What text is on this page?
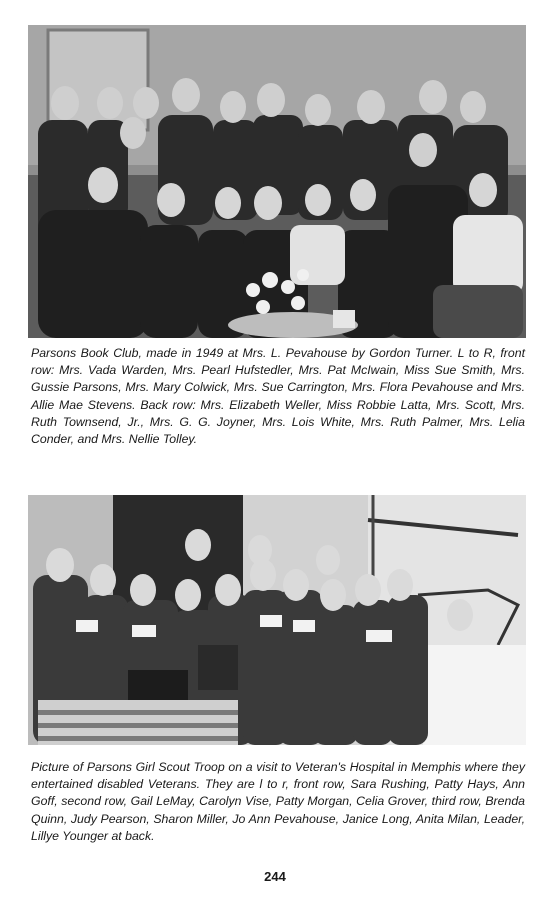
Parsons Book Club, made in 1949 at Mrs. L. Pevahouse by Gordon Turner. L to R, front row: Mrs. Vada Warden, Mrs. Pearl Hufstedler, Mrs. Pat McIwain, Miss Sue Smith, Mrs. Gussie Parsons, Mrs. Mary Colwick, Mrs. Sue Carrington, Mrs. Flora Pevahouse and Mrs. Allie Mae Stevens. Back row: Mrs. Elizabeth Weller, Miss Robbie Latta, Mrs. Scott, Mrs. Ruth Townsend, Jr., Mrs. G. G. Joyner, Mrs. Lois White, Mrs. Ruth Palmer, Mrs. Lelia Conder, and Mrs. Nellie Tolley.

Picture of Parsons Girl Scout Troop on a visit to Veteran's Hospital in Memphis where they entertained disabled Veterans. They are l to r, front row, Sara Rushing, Patty Hays, Ann Goff, second row, Gail LeMay, Carolyn Vise, Patty Morgan, Celia Grover, third row, Brenda Quinn, Judy Pearson, Sharon Miller, Jo Ann Pevahouse, Janice Long, Anita Milan, Leader, Lillye Younger at back.

244
